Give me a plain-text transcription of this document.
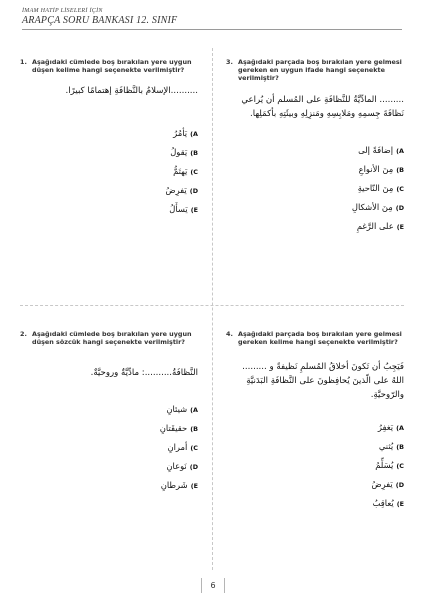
İMAM HATİP LİSELERİ İÇİN
ARAPÇA SORU BANKASI 12. SINIF
1. Aşağıdaki cümlede boş bırakılan yere uygun düşen kelime hangi seçenekte verilmiştir?
..........الإسلامُ بالنَّظافَةِ إهتمامًا كبيرًا.
A)يَأمُرُ
B)يَقولُ
C)يَهتَمُّ
D)يَفرِضُ
E)يَسأَلُ
3. Aşağıdaki parçada boş bırakılan yere gelmesi gereken en uygun ifade hangi seçenekte verilmiştir?
......... المادِّيَّةُ للنَّظافَةِ على المُسلم أن يُراعي نَظافَةَ جِسمِهِ ومَلابِسِهِ ومَنزِلِهِ وبيئَتِهِ بأكمَلِها.
A)إضافَةً إلى
B)مِنَ الأنواعِ
C)مِنَ النّاحيةِ
D)مِنَ الأشكالِ
E)على الرَّغمِ
2. Aşağıdaki cümlede boş bırakılan yere uygun düşen sözcük hangi seçenekte verilmiştir?
النَّظافَةُ..........: مادِّيَّةٌ وروحيَّةٌ.
A)شيئانِ
B)حقيقَتانِ
C)أمرانِ
D)نَوعانِ
E)شَرطانِ
4. Aşağıdaki parçada boş bırakılan yere gelmesi gereken kelime hangi seçenekte verilmiştir?
فَيَجِبُ أن تَكونَ أخلاقُ المُسلمِ نَظيفةً و ......... اللهُ على الّذينَ يُحافِظونَ على النَّظافَةِ البَدَنيَّةِ والرّوحيَّةِ.
A)يَغفِرُ
B)يُثني
C)يُسَلِّمُ
D)يَفرِضُ
E)يُعاقِبُ
6
